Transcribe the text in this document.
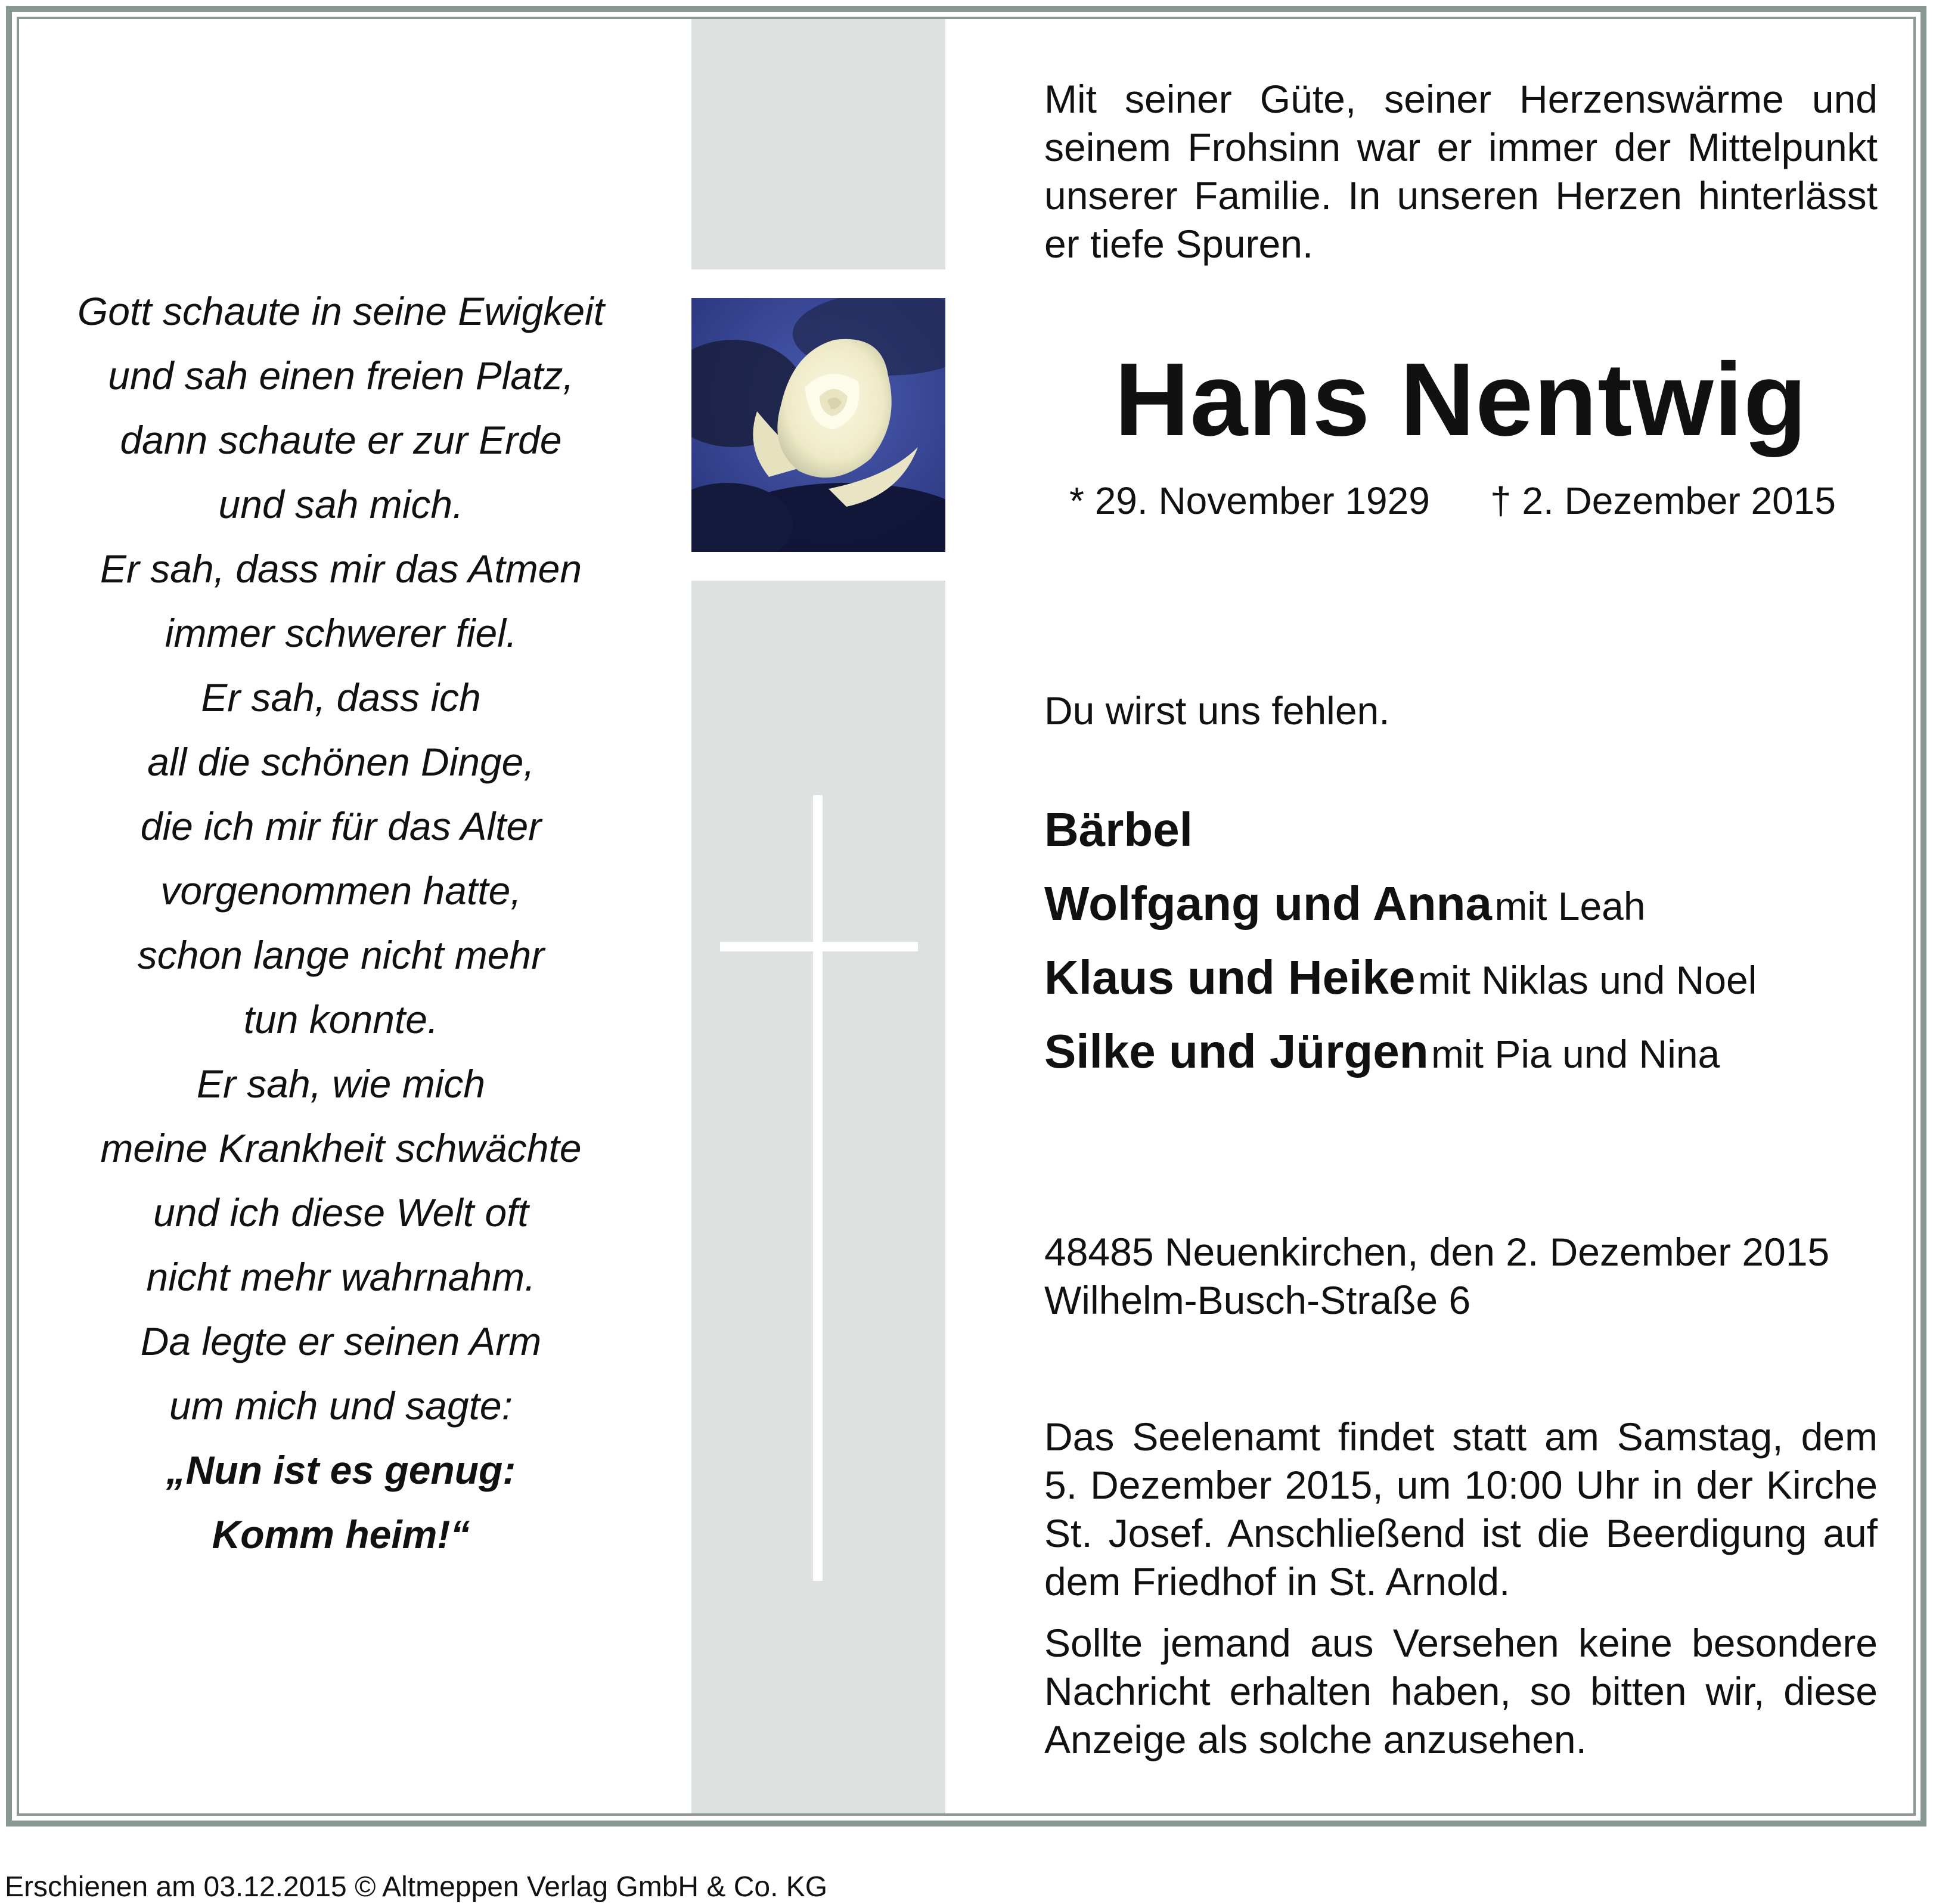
Gott schaute in seine Ewigkeit
und sah einen freien Platz,
dann schaute er zur Erde
und sah mich.
Er sah, dass mir das Atmen
immer schwerer fiel.
Er sah, dass ich
all die schönen Dinge,
die ich mir für das Alter
vorgenommen hatte,
schon lange nicht mehr
tun konnte.
Er sah, wie mich
meine Krankheit schwächte
und ich diese Welt oft
nicht mehr wahrnahm.
Da legte er seinen Arm
um mich und sagte:
„Nun ist es genug:
Komm heim!“
Mit seiner Güte, seiner Herzenswärme und seinem Frohsinn war er immer der Mittelpunkt unserer Familie. In unseren Herzen hinterlässt er tiefe Spuren.
Hans Nentwig
* 29. November 1929 † 2. Dezember 2015
Du wirst uns fehlen.
Bärbel
Wolfgang und Anna mit Leah
Klaus und Heike mit Niklas und Noel
Silke und Jürgen mit Pia und Nina
48485 Neuenkirchen, den 2. Dezember 2015
Wilhelm-Busch-Straße 6
Das Seelenamt findet statt am Samstag, dem 5. Dezember 2015, um 10:00 Uhr in der Kirche St. Josef. Anschließend ist die Beerdigung auf dem Friedhof in St. Arnold.
Sollte jemand aus Versehen keine besondere Nachricht erhalten haben, so bitten wir, diese Anzeige als solche anzusehen.
Erschienen am 03.12.2015 © Altmeppen Verlag GmbH & Co. KG
